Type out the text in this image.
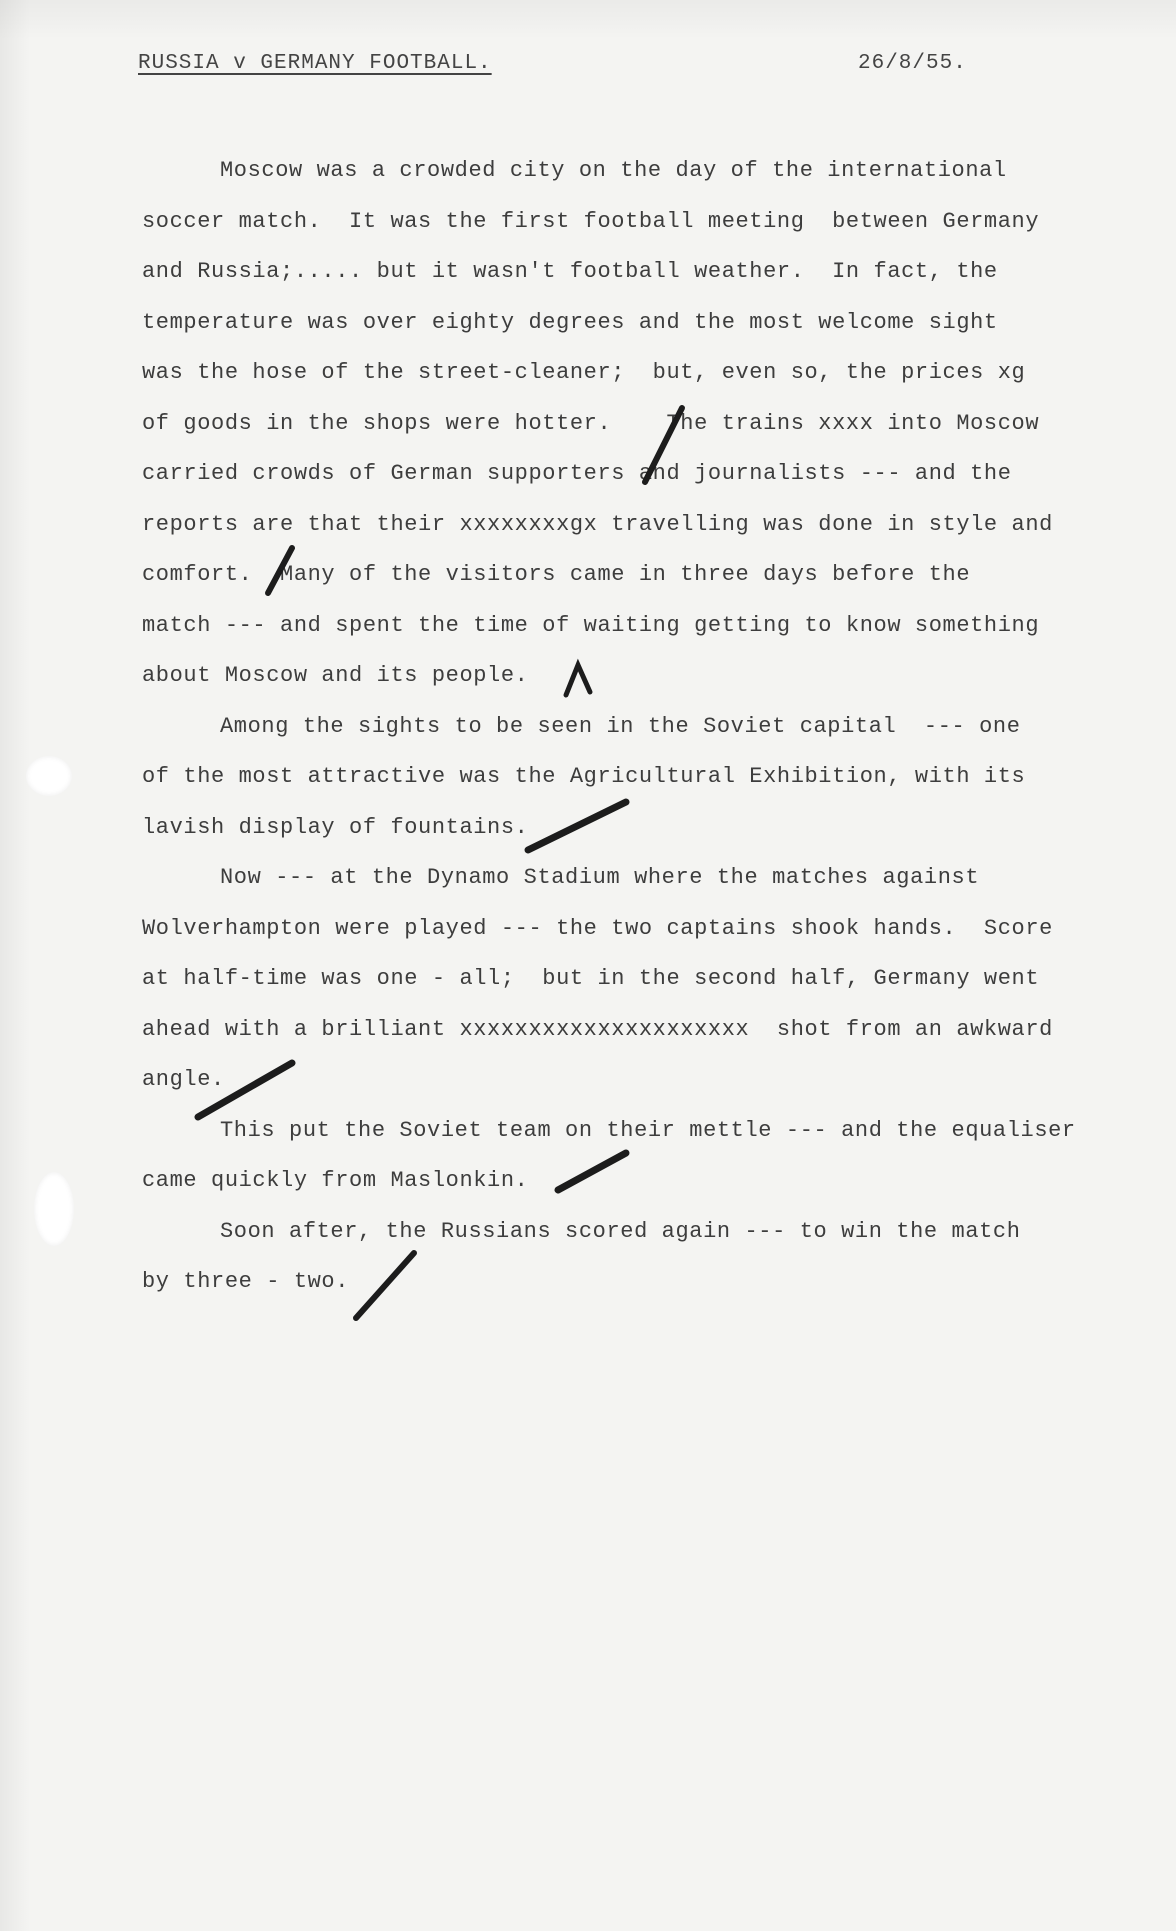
RUSSIA v GERMANY FOOTBALL.	26/8/55.
Moscow was a crowded city on the day of the international
soccer match.  It was the first football meeting  between Germany
and Russia;..... but it wasn't football weather.  In fact, the
temperature was over eighty degrees and the most welcome sight
was the hose of the street-cleaner;  but, even so, the prices xg
of goods in the shops were hotter.    The trains xxxx into Moscow
carried crowds of German supporters and journalists --- and the
reports are that their xxxxxxxxgx travelling was done in style and
comfort.  Many of the visitors came in three days before the
match --- and spent the time of waiting getting to know something
about Moscow and its people.
Among the sights to be seen in the Soviet capital  --- one
of the most attractive was the Agricultural Exhibition, with its
lavish display of fountains.
Now --- at the Dynamo Stadium where the matches against
Wolverhampton were played --- the two captains shook hands.  Score
at half-time was one - all;  but in the second half, Germany went
ahead with a brilliant xxxxxxxxxxxxxxxxxxxxx  shot from an awkward
angle.
This put the Soviet team on their mettle --- and the equaliser
came quickly from Maslonkin.
Soon after, the Russians scored again --- to win the match
by three - two.
